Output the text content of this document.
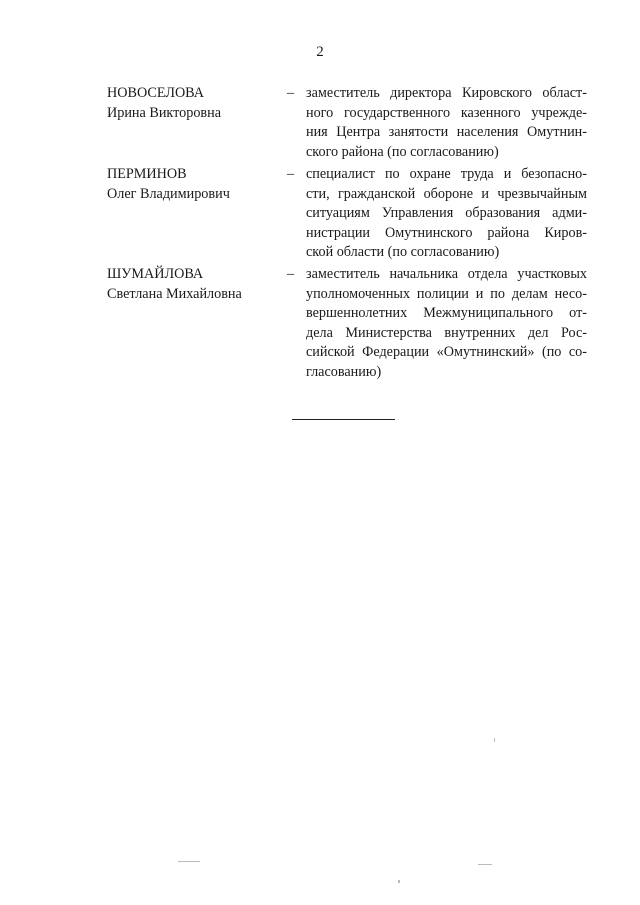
2
НОВОСЕЛОВА
Ирина Викторовна
– заместитель директора Кировского област-
ного государственного казенного учрежде-
ния Центра занятости населения Омутнин-
ского района (по согласованию)
ПЕРМИНОВ
Олег Владимирович
– специалист по охране труда и безопасно-
сти, гражданской обороне и чрезвычайным
ситуациям Управления образования адми-
нистрации Омутнинского района Киров-
ской области (по согласованию)
ШУМАЙЛОВА
Светлана Михайловна
– заместитель начальника отдела участковых
уполномоченных полиции и по делам несо-
вершеннолетних Межмуниципального от-
дела Министерства внутренних дел Рос-
сийской Федерации «Омутнинский» (по со-
гласованию)
